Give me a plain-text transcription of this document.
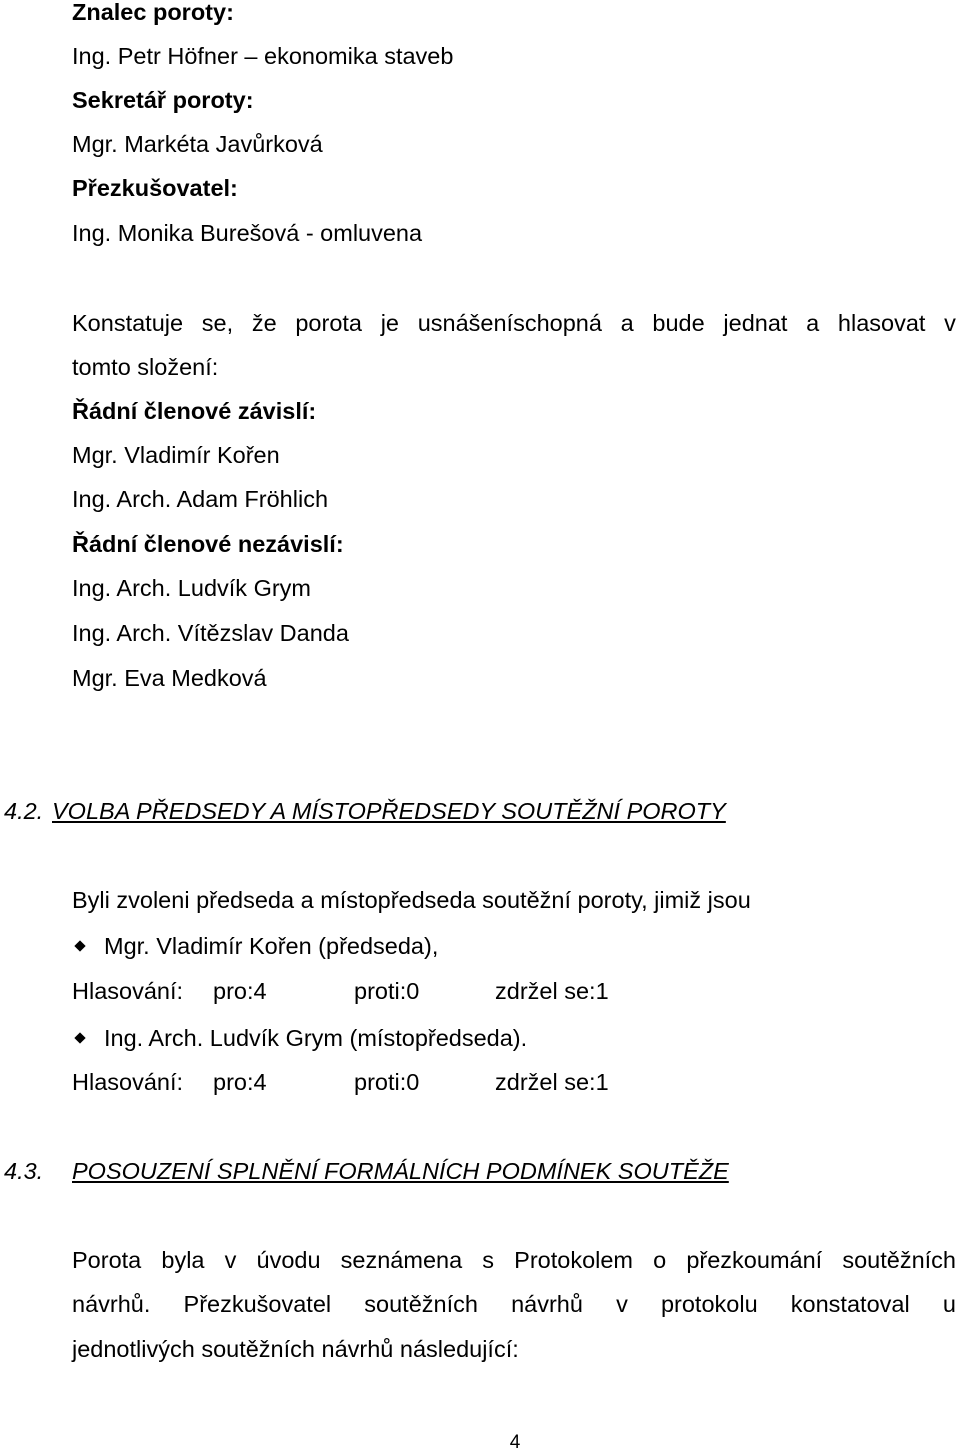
Znalec poroty:
Ing. Petr Höfner – ekonomika staveb
Sekretář poroty:
Mgr. Markéta Javůrková
Přezkušovatel:
Ing. Monika Burešová - omluvena
Konstatuje se, že porota je usnášeníschopná a bude jednat a hlasovat v
tomto složení:
Řádní členové závislí:
Mgr. Vladimír Kořen
Ing. Arch. Adam Fröhlich
Řádní členové nezávislí:
Ing. Arch. Ludvík Grym
Ing. Arch. Vítězslav Danda
Mgr. Eva Medková
4.2. VOLBA PŘEDSEDY A MÍSTOPŘEDSEDY SOUTĚŽNÍ POROTY
Byli zvoleni předseda a místopředseda soutěžní poroty, jimiž jsou
Mgr. Vladimír Kořen (předseda),
Hlasování: pro:4	proti:0	zdržel se:1
Ing. Arch. Ludvík Grym (místopředseda).
Hlasování: pro:4	proti:0	zdržel se:1
4.3. POSOUZENÍ SPLNĚNÍ FORMÁLNÍCH PODMÍNEK SOUTĚŽE
Porota byla v úvodu seznámena s Protokolem o přezkoumání soutěžních
návrhů. Přezkušovatel soutěžních návrhů v protokolu konstatoval u
jednotlivých soutěžních návrhů následující:
4
